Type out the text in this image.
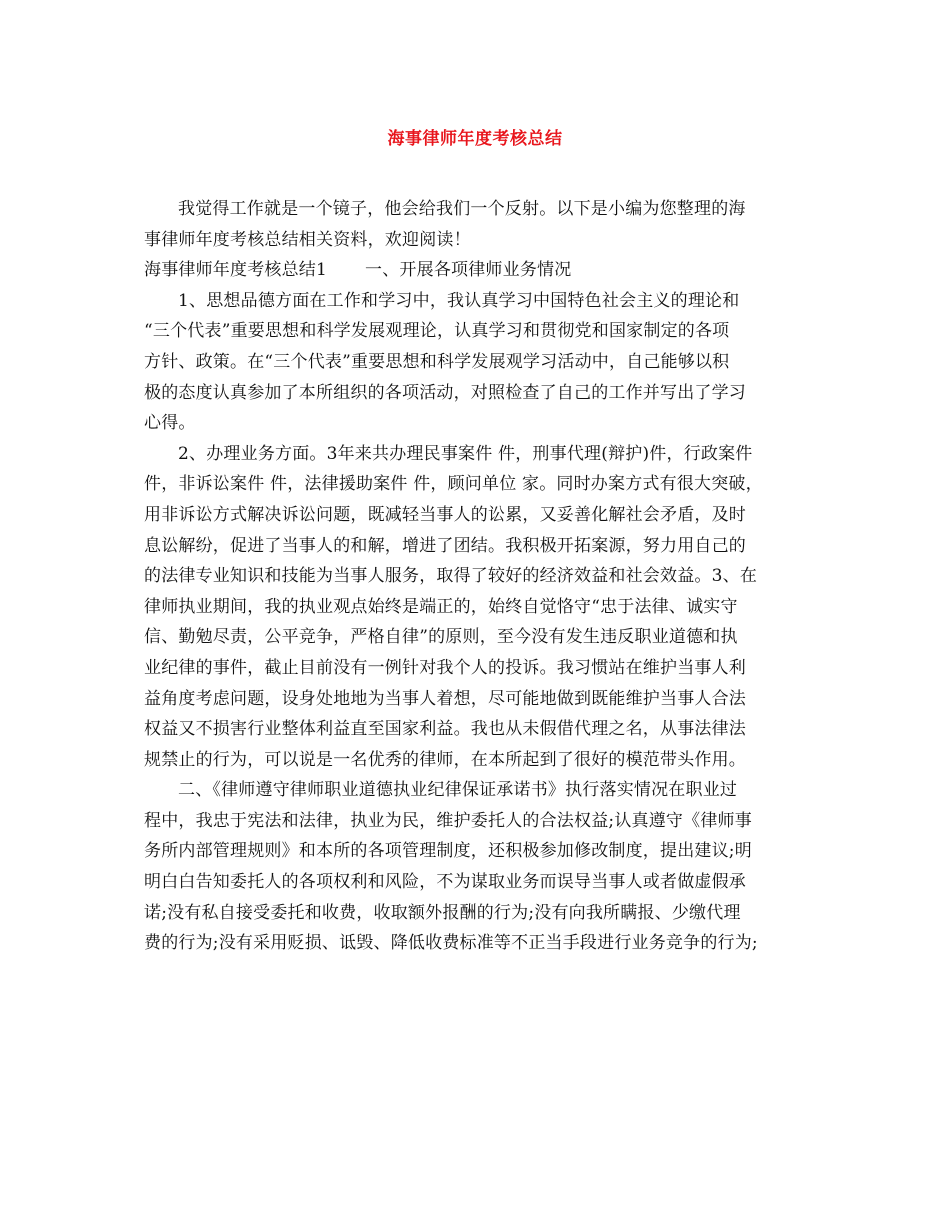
海事律师年度考核总结
我觉得工作就是一个镜子，他会给我们一个反射。以下是小编为您整理的海
事律师年度考核总结相关资料，欢迎阅读！
海事律师年度考核总结1 一、开展各项律师业务情况
1、思想品德方面在工作和学习中，我认真学习中国特色社会主义的理论和
“三个代表”重要思想和科学发展观理论，认真学习和贯彻党和国家制定的各项
方针、政策。在“三个代表”重要思想和科学发展观学习活动中，自己能够以积
极的态度认真参加了本所组织的各项活动，对照检查了自己的工作并写出了学习
心得。
2、办理业务方面。3年来共办理民事案件 件，刑事代理(辩护)件，行政案件
件，非诉讼案件 件，法律援助案件 件，顾问单位 家。同时办案方式有很大突破，
用非诉讼方式解决诉讼问题，既减轻当事人的讼累，又妥善化解社会矛盾，及时
息讼解纷，促进了当事人的和解，增进了团结。我积极开拓案源，努力用自己的
的法律专业知识和技能为当事人服务，取得了较好的经济效益和社会效益。3、在
律师执业期间，我的执业观点始终是端正的，始终自觉恪守“忠于法律、诚实守
信、勤勉尽责，公平竞争，严格自律”的原则，至今没有发生违反职业道德和执
业纪律的事件，截止目前没有一例针对我个人的投诉。我习惯站在维护当事人利
益角度考虑问题，设身处地地为当事人着想，尽可能地做到既能维护当事人合法
权益又不损害行业整体利益直至国家利益。我也从未假借代理之名，从事法律法
规禁止的行为，可以说是一名优秀的律师，在本所起到了很好的模范带头作用。
二、《律师遵守律师职业道德执业纪律保证承诺书》执行落实情况在职业过
程中，我忠于宪法和法律，执业为民，维护委托人的合法权益;认真遵守《律师事
务所内部管理规则》和本所的各项管理制度，还积极参加修改制度，提出建议;明
明白白告知委托人的各项权利和风险，不为谋取业务而误导当事人或者做虚假承
诺;没有私自接受委托和收费，收取额外报酬的行为;没有向我所瞒报、少缴代理
费的行为;没有采用贬损、诋毁、降低收费标准等不正当手段进行业务竞争的行为;
